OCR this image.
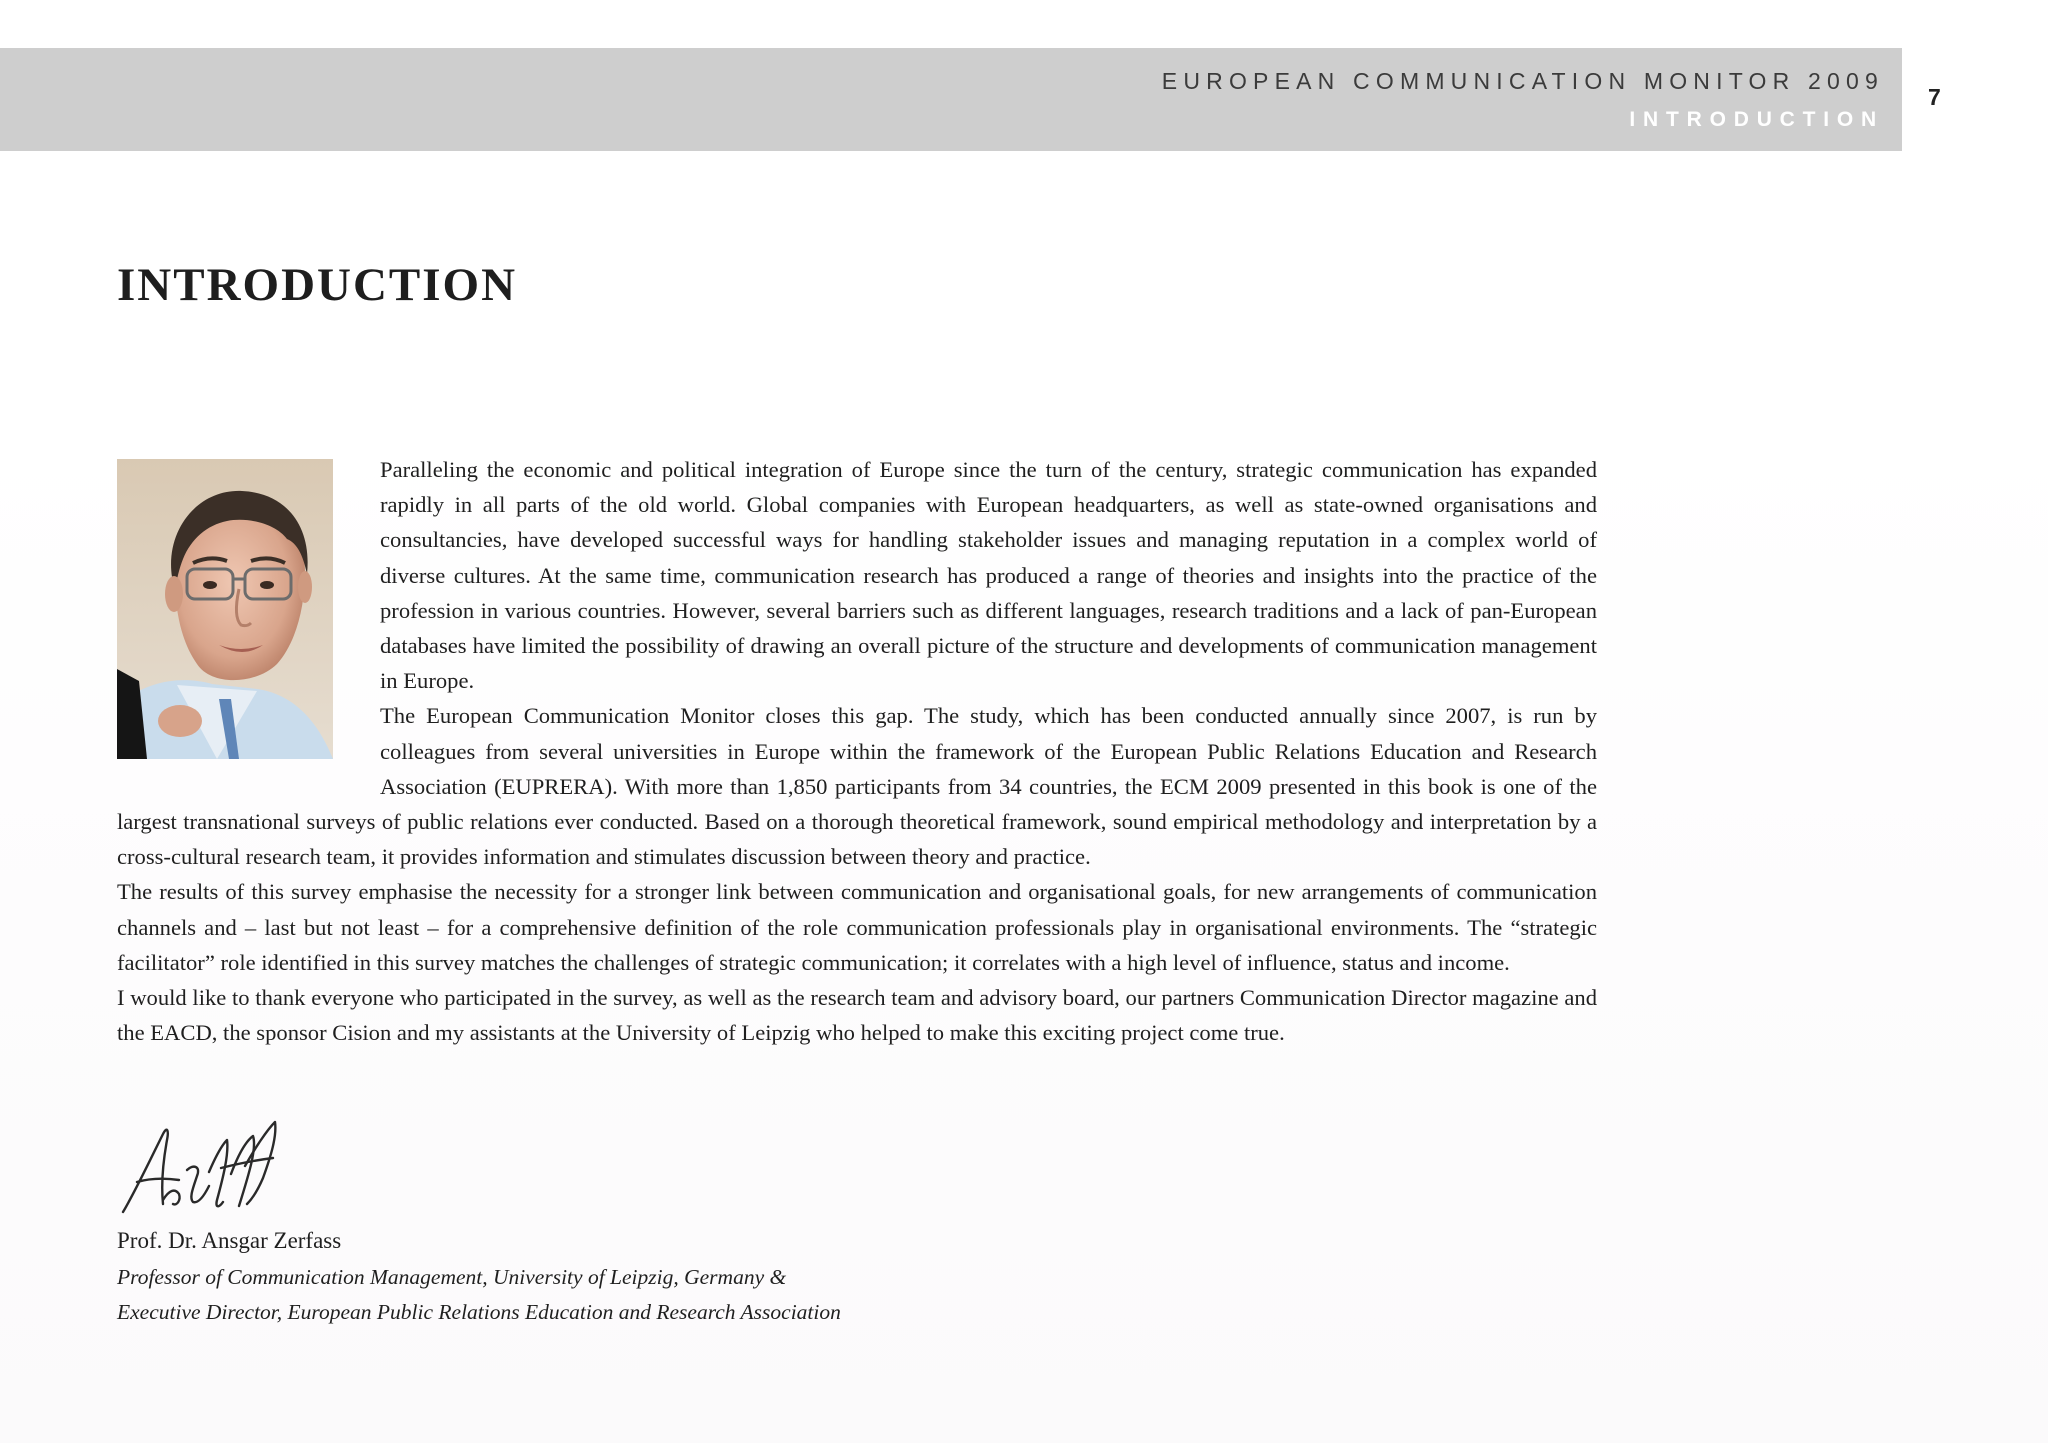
EUROPEAN COMMUNICATION MONITOR 2009
INTRODUCTION
7
INTRODUCTION

Paralleling the economic and political integration of Europe since the turn of the century, strategic communication has expanded rapidly in all parts of the old world. Global companies with European headquarters, as well as state-owned organisations and consultancies, have developed successful ways for handling stakeholder issues and managing reputation in a complex world of diverse cultures. At the same time, communication research has produced a range of theories and insights into the practice of the profession in various countries. However, several barriers such as different languages, research traditions and a lack of pan-European databases have limited the possibility of drawing an overall picture of the structure and developments of communication management in Europe.

The European Communication Monitor closes this gap. The study, which has been conducted annually since 2007, is run by colleagues from several universities in Europe within the framework of the European Public Relations Education and Research Association (EUPRERA). With more than 1,850 participants from 34 countries, the ECM 2009 presented in this book is one of the largest transnational surveys of public relations ever conducted. Based on a thorough theoretical framework, sound empirical methodology and interpretation by a cross-cultural research team, it provides information and stimulates discussion between theory and practice.

The results of this survey emphasise the necessity for a stronger link between communication and organisational goals, for new arrangements of communication channels and – last but not least – for a comprehensive definition of the role communication professionals play in organisational environments. The “strategic facilitator” role identified in this survey matches the challenges of strategic communication; it correlates with a high level of influence, status and income.

I would like to thank everyone who participated in the survey, as well as the research team and advisory board, our partners Communication Director magazine and the EACD, the sponsor Cision and my assistants at the University of Leipzig who helped to make this exciting project come true.

Prof. Dr. Ansgar Zerfass
Professor of Communication Management, University of Leipzig, Germany &
Executive Director, European Public Relations Education and Research Association
